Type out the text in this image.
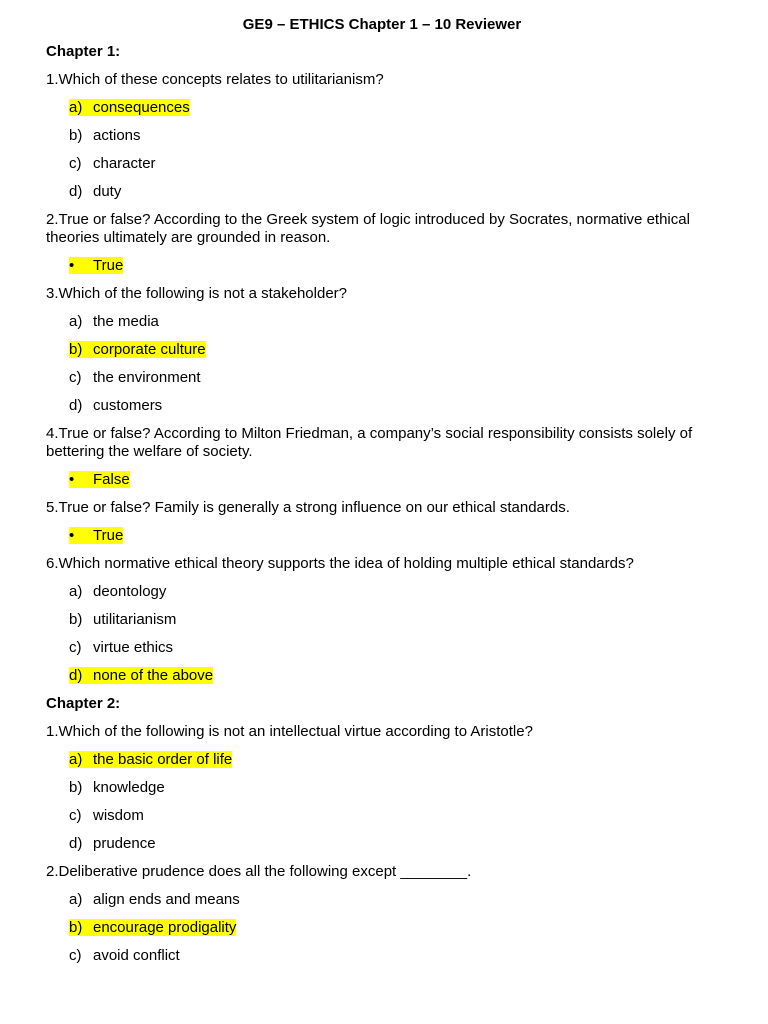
GE9 – ETHICS Chapter 1 – 10 Reviewer
Chapter 1:
1.Which of these concepts relates to utilitarianism?
a) consequences
b) actions
c) character
d) duty
2.True or false? According to the Greek system of logic introduced by Socrates, normative ethical theories ultimately are grounded in reason.
• True
3.Which of the following is not a stakeholder?
a) the media
b) corporate culture
c) the environment
d) customers
4.True or false? According to Milton Friedman, a company’s social responsibility consists solely of bettering the welfare of society.
• False
5.True or false? Family is generally a strong influence on our ethical standards.
• True
6.Which normative ethical theory supports the idea of holding multiple ethical standards?
a) deontology
b) utilitarianism
c) virtue ethics
d) none of the above
Chapter 2:
1.Which of the following is not an intellectual virtue according to Aristotle?
a) the basic order of life
b) knowledge
c) wisdom
d) prudence
2.Deliberative prudence does all the following except ________.
a) align ends and means
b) encourage prodigality
c) avoid conflict
